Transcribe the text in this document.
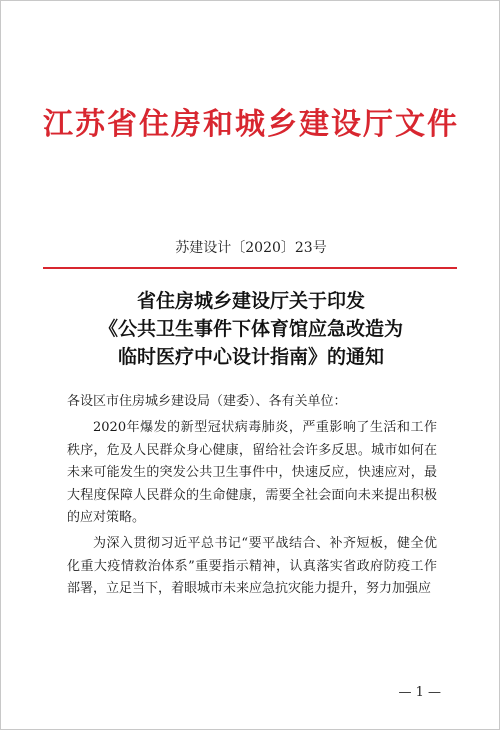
江苏省住房和城乡建设厅文件
苏建设计〔2020〕23号
省住房城乡建设厅关于印发
《公共卫生事件下体育馆应急改造为
临时医疗中心设计指南》的通知

各设区市住房城乡建设局（建委）、各有关单位：

2020年爆发的新型冠状病毒肺炎，严重影响了生活和工作秩序，危及人民群众身心健康，留给社会许多反思。城市如何在未来可能发生的突发公共卫生事件中，快速反应，快速应对，最大程度保障人民群众的生命健康，需要全社会面向未来提出积极的应对策略。

为深入贯彻习近平总书记“要平战结合、补齐短板，健全优化重大疫情救治体系”重要指示精神，认真落实省政府防疫工作部署，立足当下，着眼城市未来应急抗灾能力提升，努力加强应

— 1 —
